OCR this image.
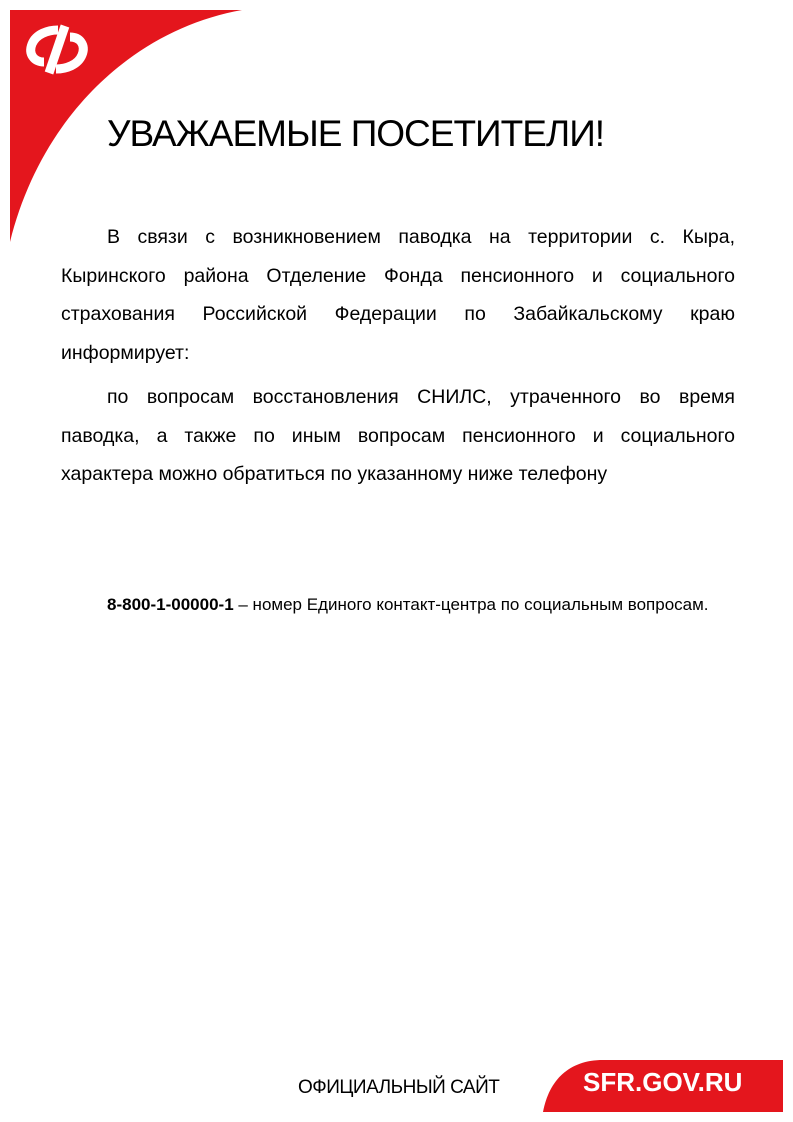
УВАЖАЕМЫЕ ПОСЕТИТЕЛИ!

В связи с возникновением паводка на территории с. Кыра, Кыринского района Отделение Фонда пенсионного и социального страхования Российской Федерации по Забайкальскому краю информирует:

по вопросам восстановления СНИЛС, утраченного во время паводка, а также по иным вопросам пенсионного и социального характера можно обратиться по указанному ниже телефону

8-800-1-00000-1 – номер Единого контакт-центра по социальным вопросам.

ОФИЦИАЛЬНЫЙ САЙТ	SFR.GOV.RU
